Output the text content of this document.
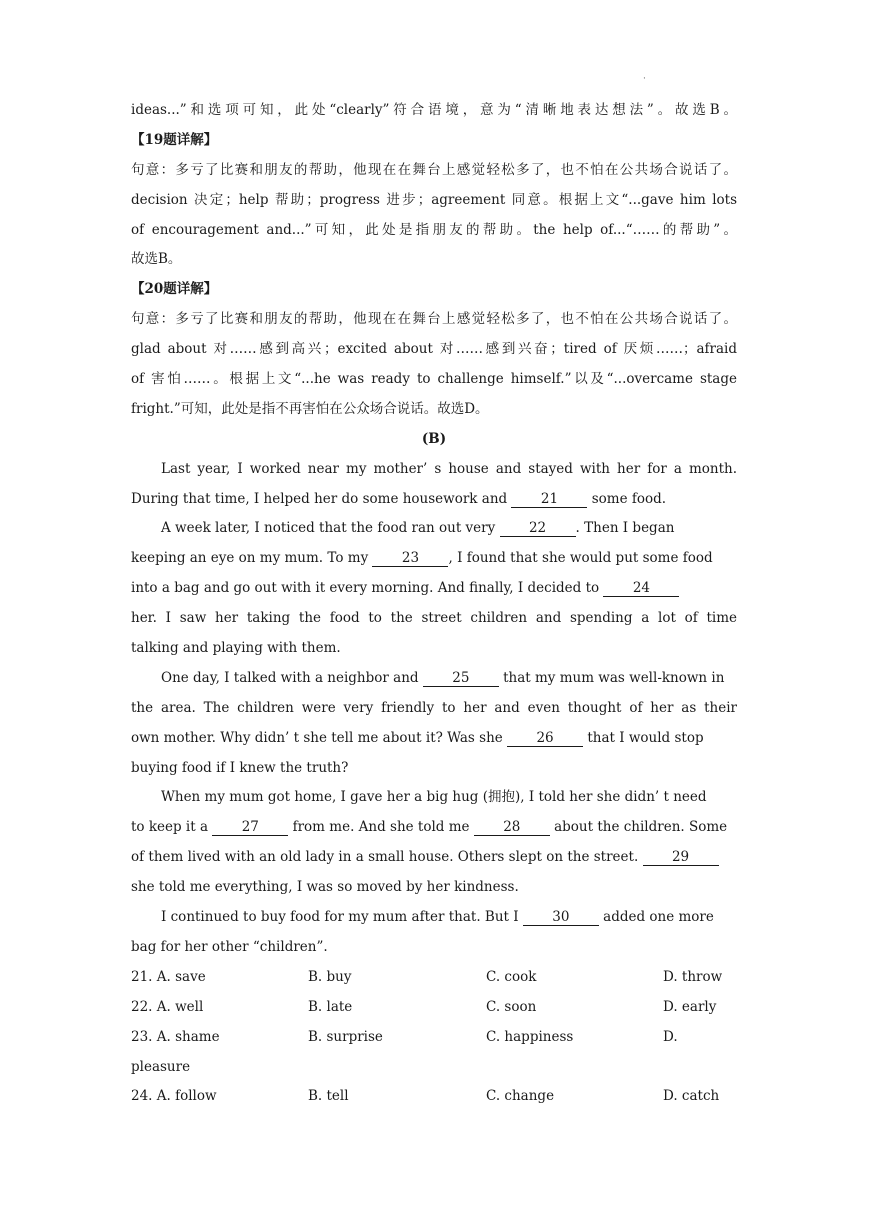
·
ideas...”和选项可知，此处“clearly”符合语境，意为“清晰地表达想法”。故选B。
【19题详解】
句意：多亏了比赛和朋友的帮助，他现在在舞台上感觉轻松多了，也不怕在公共场合说话了。
decision 决定；help 帮助；progress 进步；agreement 同意。根据上文“...gave him lots
of encouragement and...”可知，此处是指朋友的帮助。the help of...“……的帮助”。
故选B。
【20题详解】
句意：多亏了比赛和朋友的帮助，他现在在舞台上感觉轻松多了，也不怕在公共场合说话了。
glad about 对……感到高兴；excited about 对……感到兴奋；tired of 厌烦……；afraid
of 害怕……。根据上文“...he was ready to challenge himself.”以及“...overcame stage
fright.”可知，此处是指不再害怕在公众场合说话。故选D。
(B)
Last year, I worked near my mother’ s house and stayed with her for a month.
During that time, I helped her do some housework and 21 some food.
A week later, I noticed that the food ran out very 22 . Then I began
keeping an eye on my mum. To my 23 , I found that she would put some food
into a bag and go out with it every morning. And finally, I decided to 24
her. I saw her taking the food to the street children and spending a lot of time
talking and playing with them.
One day, I talked with a neighbor and 25 that my mum was well-known in
the area. The children were very friendly to her and even thought of her as their
own mother. Why didn’ t she tell me about it? Was she 26 that I would stop
buying food if I knew the truth?
When my mum got home, I gave her a big hug (拥抱), I told her she didn’ t need
to keep it a 27 from me. And she told me 28 about the children. Some
of them lived with an old lady in a small house. Others slept on the street. 29
she told me everything, I was so moved by her kindness.
I continued to buy food for my mum after that. But I 30 added one more
bag for her other “children”.
21. A. save	B. buy	C. cook	D. throw
22. A. well	B. late	C. soon	D. early
23. A. shame	B. surprise	C. happiness	D.
pleasure
24. A. follow	B. tell	C. change	D. catch
